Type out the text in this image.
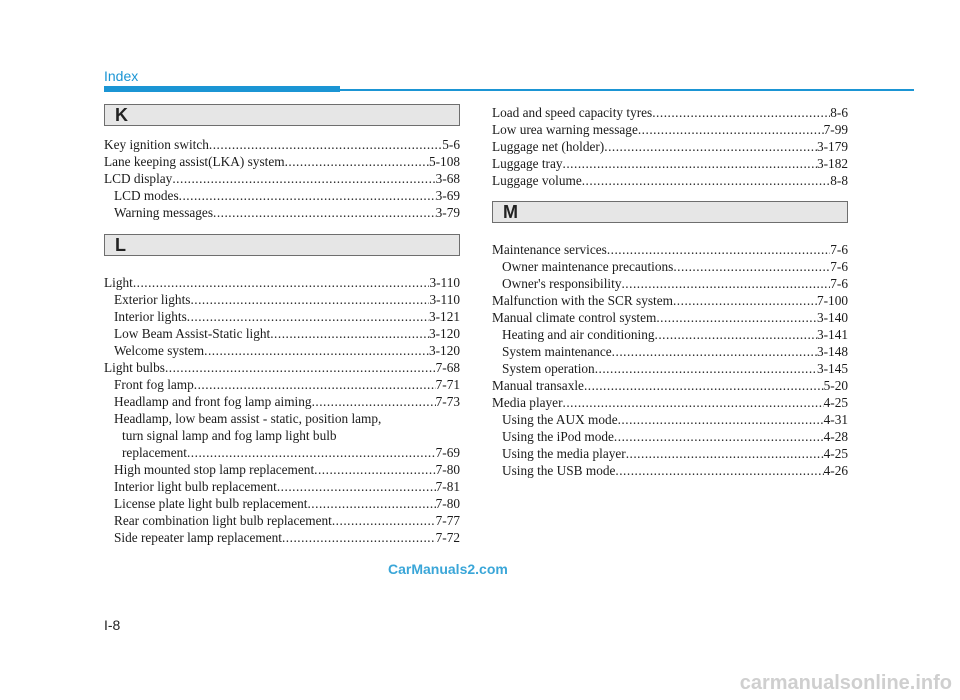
Index
K
Key ignition switch .....	5-6
Lane keeping assist(LKA) system .....	5-108
LCD display .....	3-68
LCD modes .....	3-69
Warning messages .....	3-79
L
Light .....	3-110
Exterior lights .....	3-110
Interior lights .....	3-121
Low Beam Assist-Static light .....	3-120
Welcome system .....	3-120
Light bulbs .....	7-68
Front fog lamp .....	7-71
Headlamp and front fog lamp aiming .....	7-73
Headlamp, low beam assist - static, position lamp,
turn signal lamp and fog lamp light bulb
replacement .....	7-69
High mounted stop lamp replacement .....	7-80
Interior light bulb replacement .....	7-81
License plate light bulb replacement .....	7-80
Rear combination light bulb replacement .....	7-77
Side repeater lamp replacement .....	7-72
Load and speed capacity tyres .....	8-6
Low urea warning message .....	7-99
Luggage net (holder) .....	3-179
Luggage tray .....	3-182
Luggage volume .....	8-8
M
Maintenance services .....	7-6
Owner maintenance precautions .....	7-6
Owner's responsibility .....	7-6
Malfunction with the SCR system .....	7-100
Manual climate control system .....	3-140
Heating and air conditioning .....	3-141
System maintenance .....	3-148
System operation .....	3-145
Manual transaxle .....	5-20
Media player .....	4-25
Using the AUX mode .....	4-31
Using the iPod mode .....	4-28
Using the media player .....	4-25
Using the USB mode .....	4-26
CarManuals2.com
I-8
carmanualsonline.info
